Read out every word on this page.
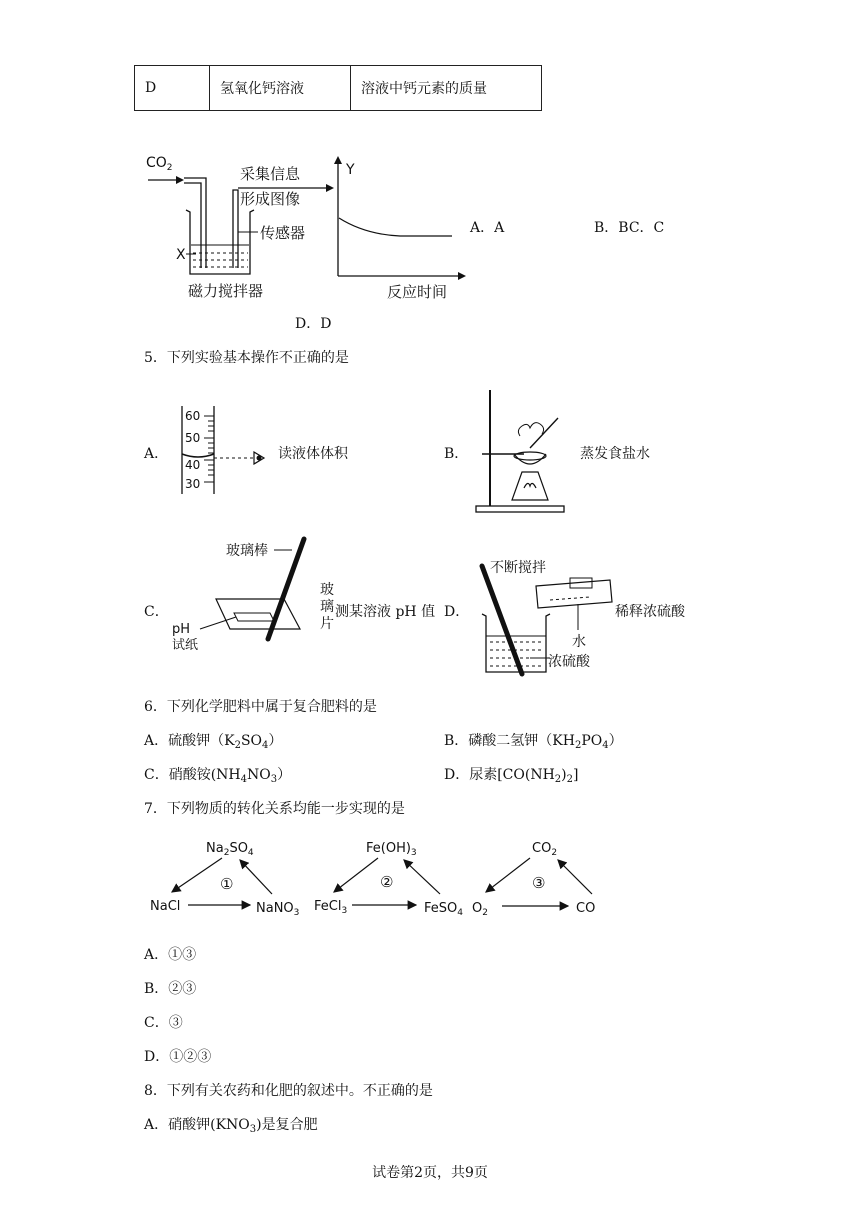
D	氢氧化钙溶液	溶液中钙元素的质量
$CO_2$	采集信息
形成图像
传感器
X
磁力搅拌器
Y
反应时间
A．A	B．BC．C
D．D
5．下列实验基本操作不正确的是
A．
60
50
40
30
读液体体积	B．	蒸发食盐水
C．
玻璃棒
pH
试纸
玻
璃
片
测某溶液 pH 值 D．
不断搅拌
水
浓硫酸
稀释浓硫酸
6．下列化学肥料中属于复合肥料的是
A．硫酸钾$(K_2SO_4)$	B．磷酸二氢钾$(KH_2PO_4)$
C．硝酸铵$(NH_4NO_3)$	D．尿素$[CO(NH_2)_2]$
7．下列物质的转化关系均能一步实现的是
$Na_2SO_4$
NaCl	NaNO$_3$
①
$Fe(OH)_3$
FeCl$_3$	FeSO$_4$
②
$CO_2$
$O_2$	CO
③
A．①③
B．②③
C．③
D．①②③
8．下列有关农药和化肥的叙述中。不正确的是
A．硝酸钾$(KNO_3)$是复合肥
试卷第2页，共9页
